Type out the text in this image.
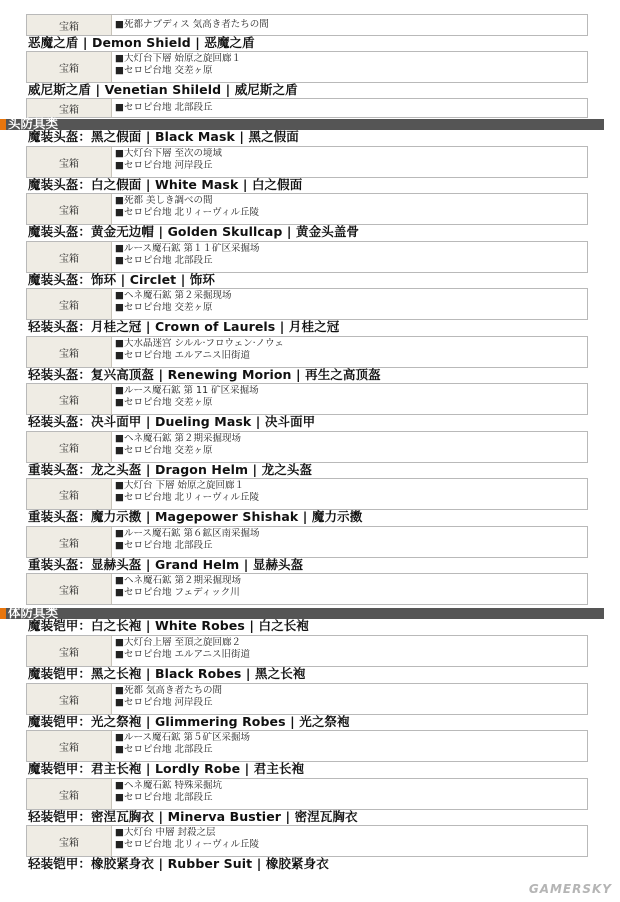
宝箱	■死都ナプディス 気高き者たちの間
恶魔之盾 | Demon Shield | 恶魔之盾
宝箱
■大灯台下層 始原之旋回廊１
■セロピ台地 交差ヶ原
威尼斯之盾 | Venetian Shileld | 威尼斯之盾
宝箱	■セロピ台地 北部段丘
头防具类
魔装头盔：黑之假面 | Black Mask | 黑之假面
宝箱
■大灯台下層 至次の境域
■セロピ台地 河岸段丘
魔装头盔：白之假面 | White Mask | 白之假面
宝箱
■死都 美しき調べの間
■セロピ台地 北リィーヴィル丘陵
魔装头盔：黄金无边帽 | Golden Skullcap | 黄金头盖骨
宝箱
■ルース魔石鉱 第１１矿区采掘场
■セロピ台地 北部段丘
魔装头盔：饰环 | Circlet | 饰环
宝箱
■ヘネ魔石鉱 第２采掘现场
■セロピ台地 交差ヶ原
轻装头盔：月桂之冠 | Crown of Laurels | 月桂之冠
宝箱
■大水晶迷宫 シルル·フロウェン·ノウェ
■セロピ台地 エルアニス旧街道
轻装头盔：复兴高顶盔 | Renewing Morion | 再生之高顶盔
宝箱
■ルース魔石鉱 第 11 矿区采掘场
■セロピ台地 交差ヶ原
轻装头盔：决斗面甲 | Dueling Mask | 决斗面甲
宝箱
■ヘネ魔石鉱 第２期采掘现场
■セロピ台地 交差ヶ原
重装头盔：龙之头盔 | Dragon Helm | 龙之头盔
宝箱
■大灯台 下層 始原之旋回廊１
■セロピ台地 北リィーヴィル丘陵
重装头盔：魔力示擞 | Magepower Shishak | 魔力示擞
宝箱
■ルース魔石鉱 第６鉱区南采掘场
■セロピ台地 北部段丘
重装头盔：显赫头盔 | Grand Helm | 显赫头盔
宝箱
■ヘネ魔石鉱 第２期采掘现场
■セロピ台地 フェディック川
体防具类
魔装铠甲：白之长袍 | White Robes | 白之长袍
宝箱
■大灯台上層 至頂之旋回廊２
■セロピ台地 エルアニス旧街道
魔装铠甲：黑之长袍 | Black Robes | 黑之长袍
宝箱
■死都 気高き者たちの間
■セロピ台地 河岸段丘
魔装铠甲：光之祭袍 | Glimmering Robes | 光之祭袍
宝箱
■ルース魔石鉱 第５矿区采掘场
■セロピ台地 北部段丘
魔装铠甲：君主长袍 | Lordly Robe | 君主长袍
宝箱
■ヘネ魔石鉱 特殊采掘坑
■セロピ台地 北部段丘
轻装铠甲：密涅瓦胸衣 | Minerva Bustier | 密涅瓦胸衣
宝箱
■大灯台 中層 封殺之层
■セロピ台地 北リィーヴィル丘陵
轻装铠甲：橡胶紧身衣 | Rubber Suit | 橡胶紧身衣
GAMERSKY
